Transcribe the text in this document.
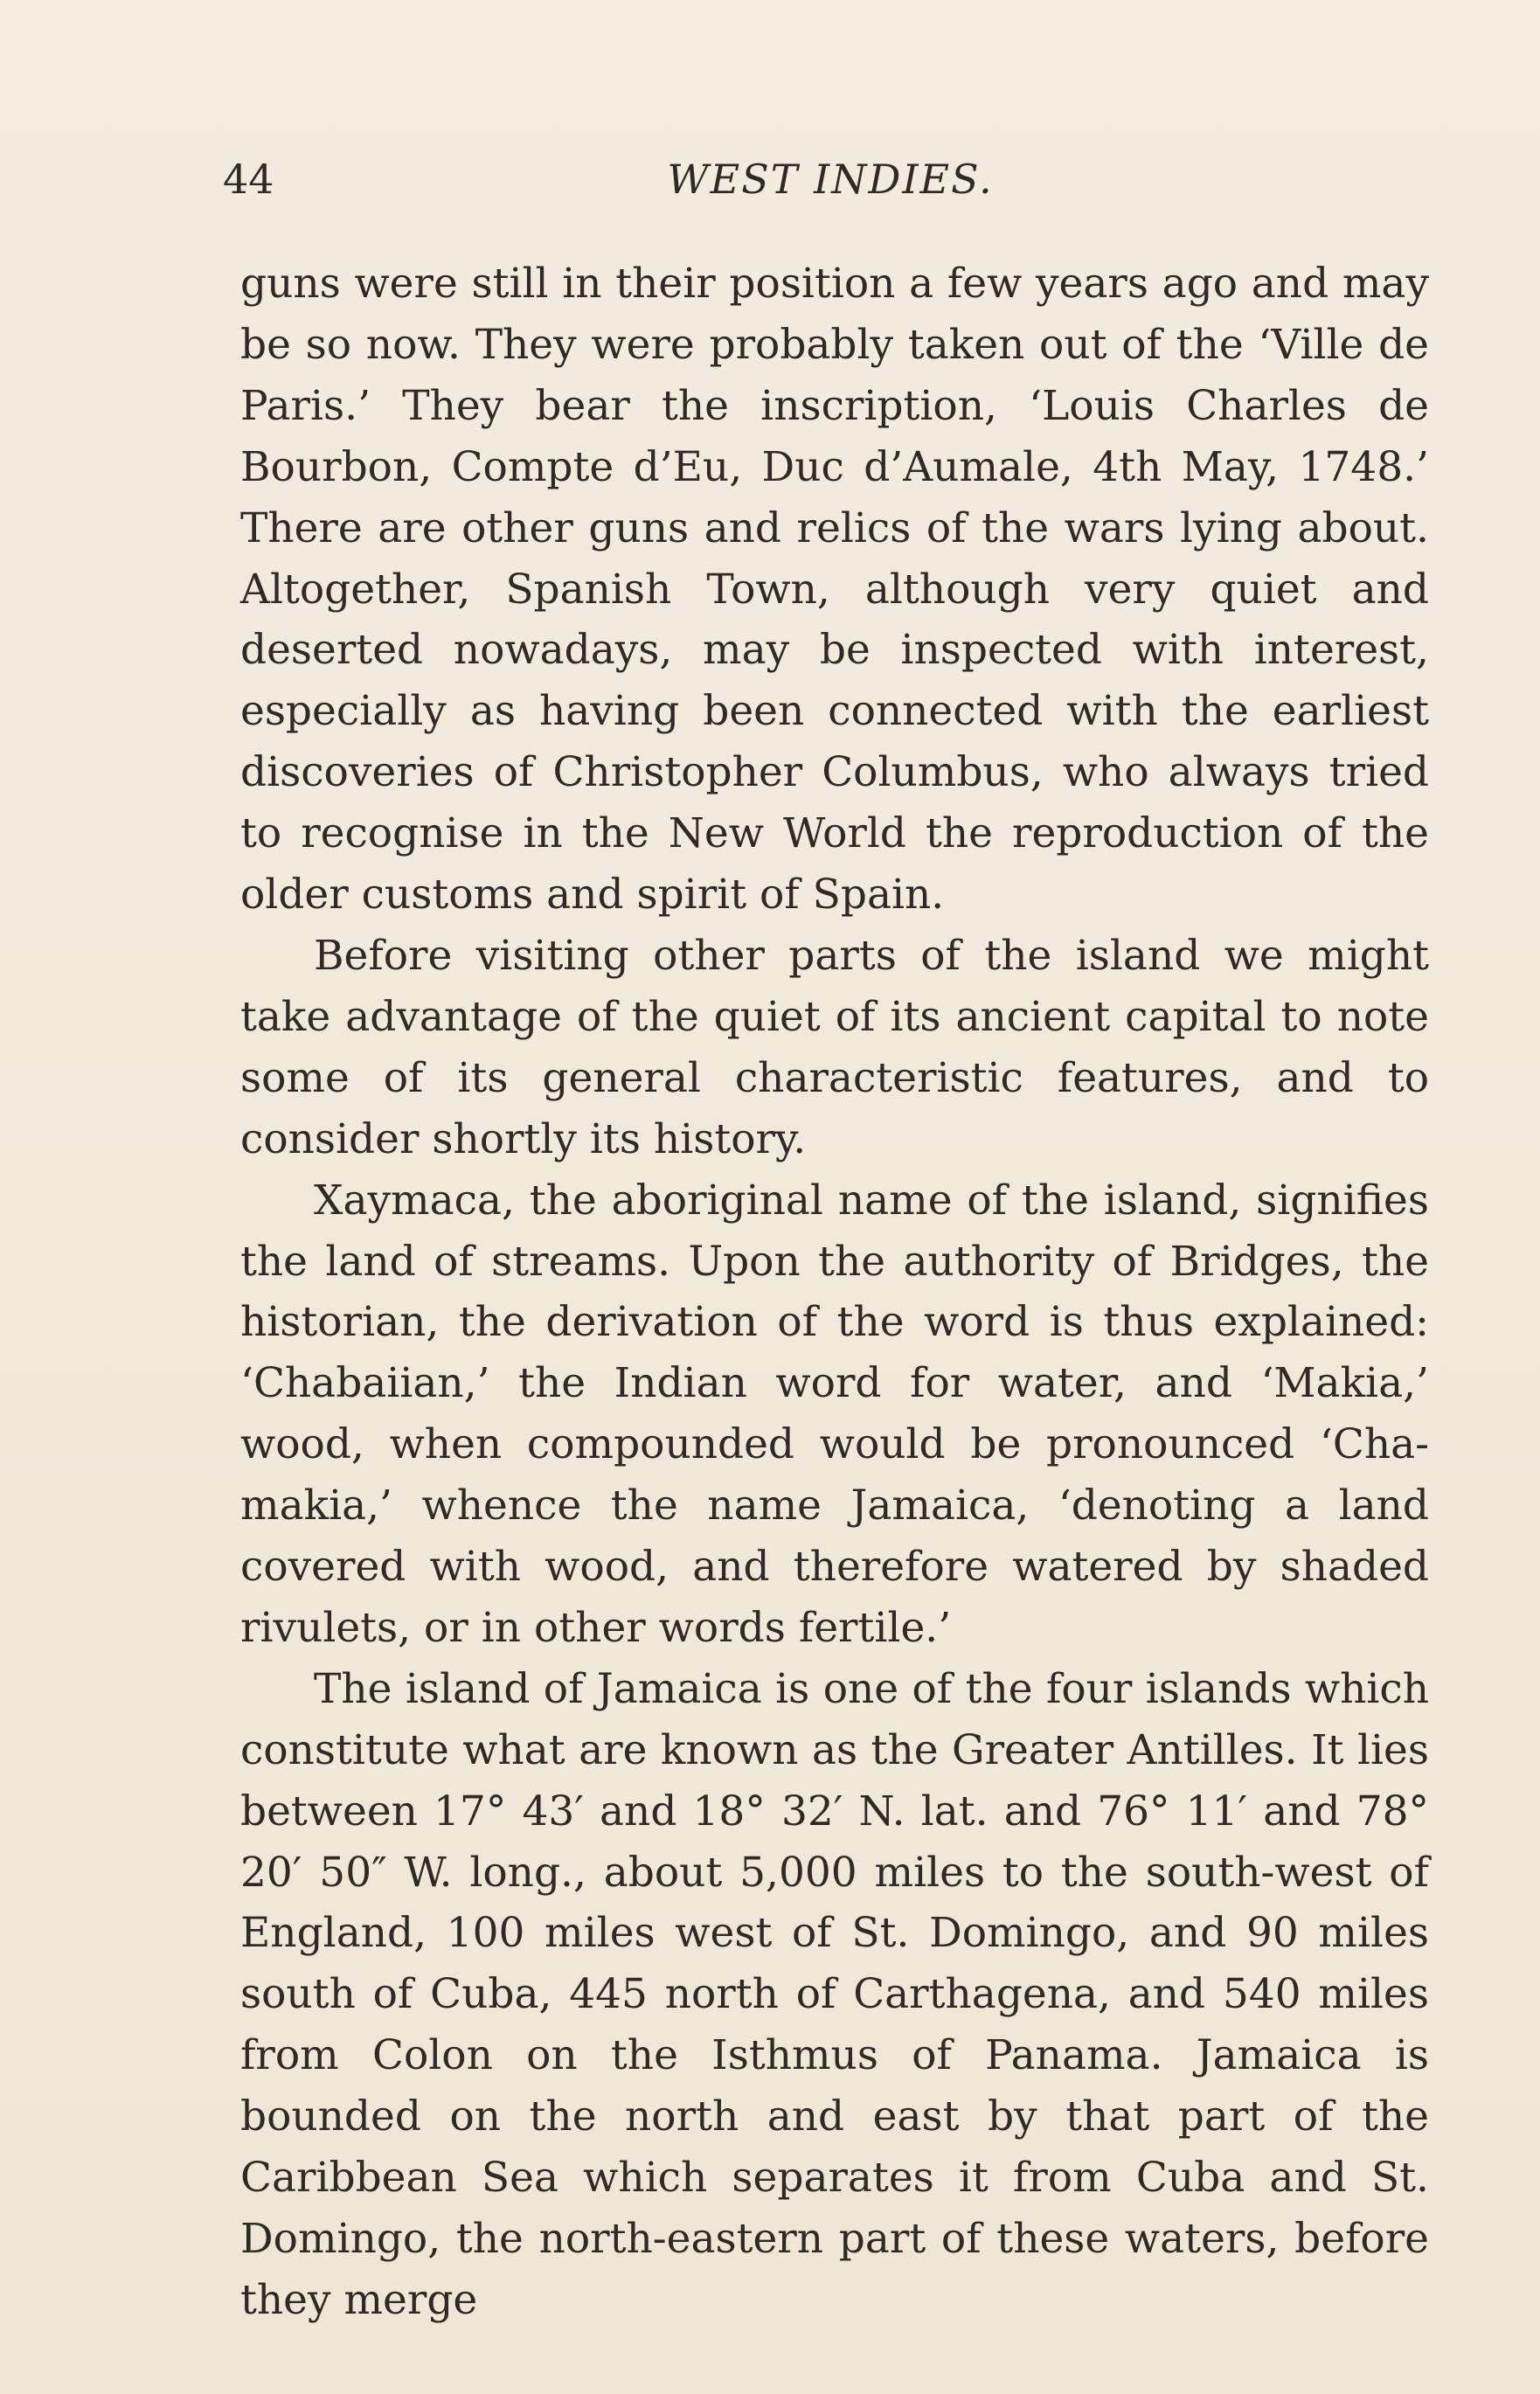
44	WEST INDIES.

guns were still in their position a few years ago and may be so now. They were probably taken out of the ‘Ville de Paris.’ They bear the inscription, ‘Louis Charles de Bourbon, Compte d’Eu, Duc d’Aumale, 4th May, 1748.’ There are other guns and relics of the wars lying about. Altogether, Spanish Town, although very quiet and deserted nowadays, may be inspected with interest, especially as having been connected with the earliest discoveries of Christopher Columbus, who always tried to recognise in the New World the reproduction of the older customs and spirit of Spain.

Before visiting other parts of the island we might take advantage of the quiet of its ancient capital to note some of its general characteristic features, and to consider shortly its history.

Xaymaca, the aboriginal name of the island, signifies the land of streams. Upon the authority of Bridges, the historian, the derivation of the word is thus explained: ‘Chabaiian,’ the Indian word for water, and ‘Makia,’ wood, when compounded would be pronounced ‘Cha-makia,’ whence the name Jamaica, ‘denoting a land covered with wood, and therefore watered by shaded rivulets, or in other words fertile.’

The island of Jamaica is one of the four islands which constitute what are known as the Greater Antilles. It lies between 17° 43′ and 18° 32′ N. lat. and 76° 11′ and 78° 20′ 50″ W. long., about 5,000 miles to the south-west of England, 100 miles west of St. Domingo, and 90 miles south of Cuba, 445 north of Carthagena, and 540 miles from Colon on the Isthmus of Panama. Jamaica is bounded on the north and east by that part of the Caribbean Sea which separates it from Cuba and St. Domingo, the north-eastern part of these waters, before they merge
